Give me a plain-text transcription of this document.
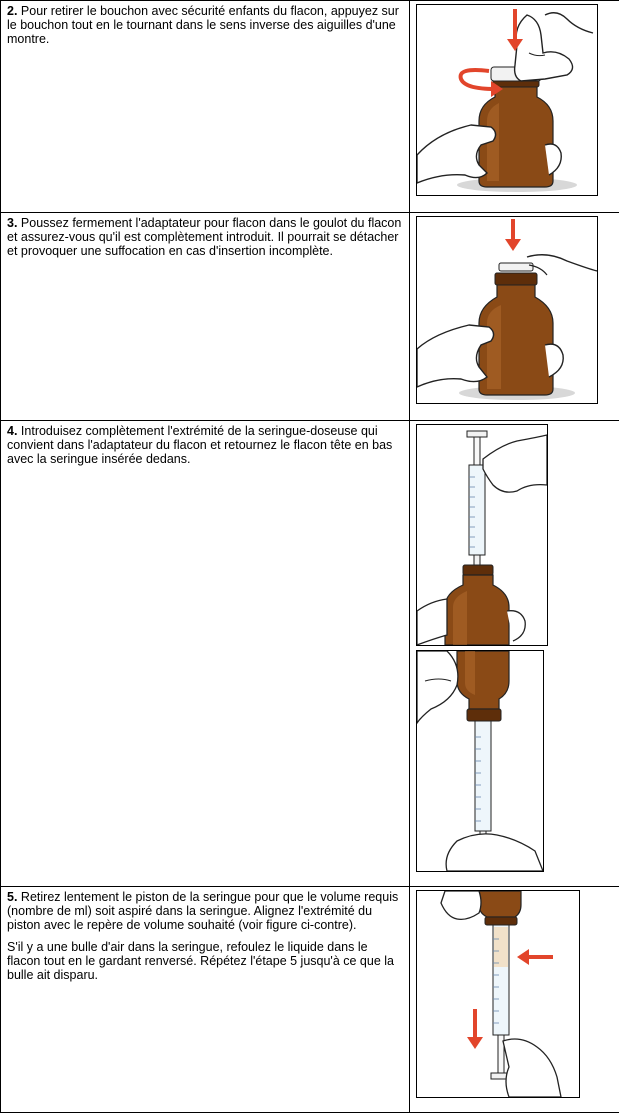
2. Pour retirer le bouchon avec sécurité enfants du flacon, appuyez sur le bouchon tout en le tournant dans le sens inverse des aiguilles d'une montre.

3. Poussez fermement l'adaptateur pour flacon dans le goulot du flacon et assurez-vous qu'il est complètement introduit. Il pourrait se détacher et provoquer une suffocation en cas d'insertion incomplète.

4. Introduisez complètement l'extrémité de la seringue-doseuse qui convient dans l'adaptateur du flacon et retournez le flacon tête en bas avec la seringue insérée dedans.

5. Retirez lentement le piston de la seringue pour que le volume requis (nombre de ml) soit aspiré dans la seringue. Alignez l'extrémité du piston avec le repère de volume souhaité (voir figure ci-contre).

S'il y a une bulle d'air dans la seringue, refoulez le liquide dans le flacon tout en le gardant renversé. Répétez l'étape 5 jusqu'à ce que la bulle ait disparu.
